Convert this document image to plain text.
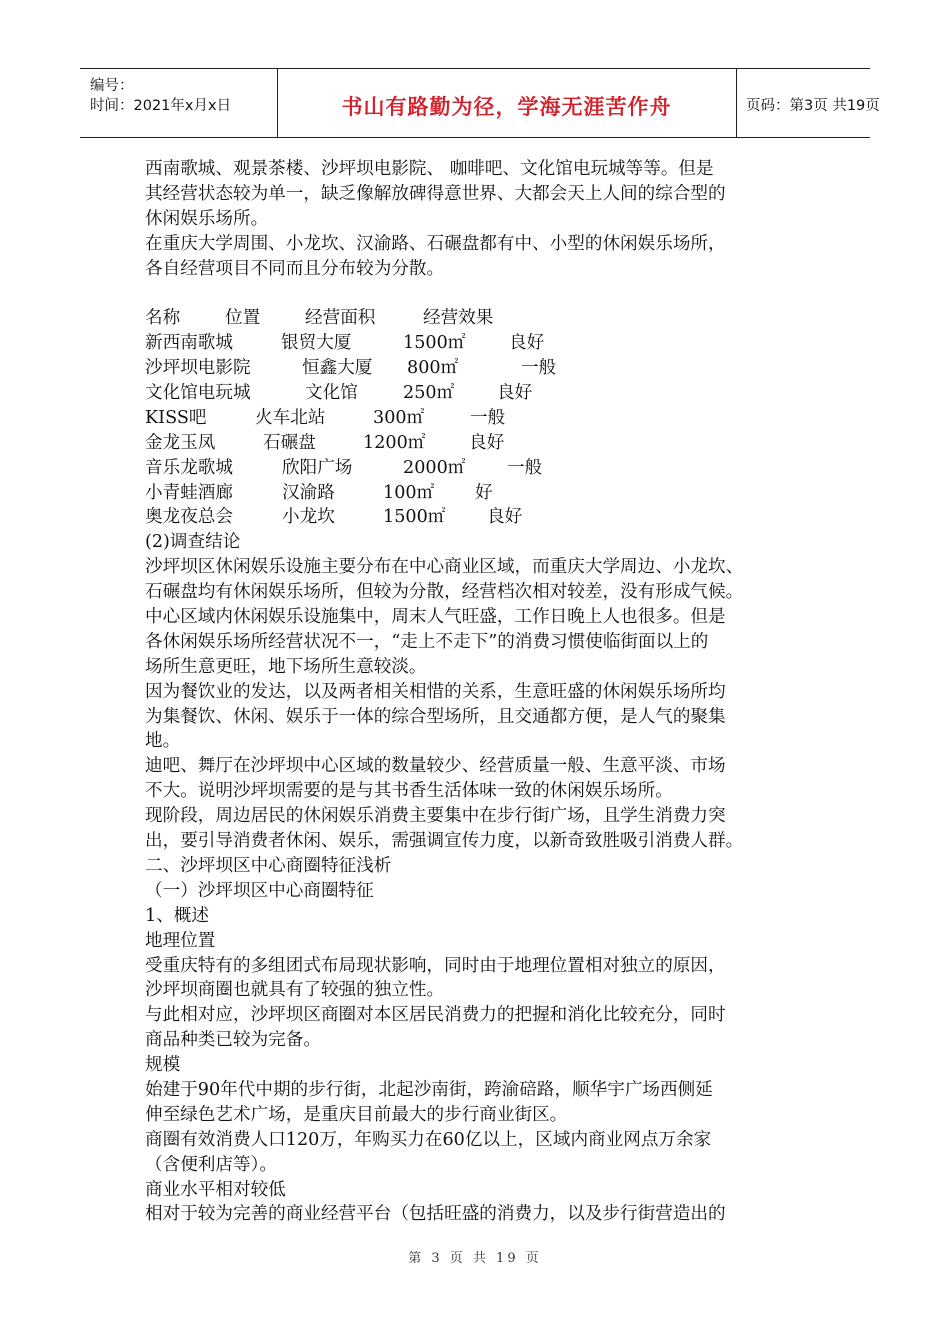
编号：
时间：2021年x月x日	书山有路勤为径，学海无涯苦作舟	页码：第3页 共19页
西南歌城、观景茶楼、沙坪坝电影院、 咖啡吧、文化馆电玩城等等。但是
其经营状态较为单一，缺乏像解放碑得意世界、大都会天上人间的综合型的
休闲娱乐场所。
在重庆大学周围、小龙坎、汉渝路、石碾盘都有中、小型的休闲娱乐场所，
各自经营项目不同而且分布较为分散。
名称	位置	经营面积	经营效果
新西南歌城	银贸大厦	1500㎡ 良好
沙坪坝电影院	恒鑫大厦 800㎡	一般
文化馆电玩城	文化馆	250㎡ 良好
KISS吧	火车北站	300㎡	一般
金龙玉凤	石碾盘	1200㎡ 良好
音乐龙歌城	欣阳广场	2000㎡ 一般
小青蛙酒廊	汉渝路	100㎡ 好
奥龙夜总会	小龙坎	1500㎡ 良好
(2)调查结论
沙坪坝区休闲娱乐设施主要分布在中心商业区域，而重庆大学周边、小龙坎、
石碾盘均有休闲娱乐场所，但较为分散，经营档次相对较差，没有形成气候。
中心区域内休闲娱乐设施集中，周末人气旺盛，工作日晚上人也很多。但是
各休闲娱乐场所经营状况不一，“走上不走下”的消费习惯使临街面以上的
场所生意更旺，地下场所生意较淡。
因为餐饮业的发达，以及两者相关相惜的关系，生意旺盛的休闲娱乐场所均
为集餐饮、休闲、娱乐于一体的综合型场所，且交通都方便，是人气的聚集
地。
迪吧、舞厅在沙坪坝中心区域的数量较少、经营质量一般、生意平淡、市场
不大。说明沙坪坝需要的是与其书香生活体味一致的休闲娱乐场所。
现阶段，周边居民的休闲娱乐消费主要集中在步行街广场，且学生消费力突
出，要引导消费者休闲、娱乐，需强调宣传力度，以新奇致胜吸引消费人群。
二、沙坪坝区中心商圈特征浅析
（一）沙坪坝区中心商圈特征
1、概述
地理位置
受重庆特有的多组团式布局现状影响，同时由于地理位置相对独立的原因，
沙坪坝商圈也就具有了较强的独立性。
与此相对应，沙坪坝区商圈对本区居民消费力的把握和消化比较充分，同时
商品种类已较为完备。
规模
始建于90年代中期的步行街，北起沙南街，跨渝碚路，顺华宇广场西侧延
伸至绿色艺术广场，是重庆目前最大的步行商业街区。
商圈有效消费人口120万，年购买力在60亿以上，区域内商业网点万余家
（含便利店等）。
商业水平相对较低
相对于较为完善的商业经营平台（包括旺盛的消费力，以及步行街营造出的
第 3 页 共 19 页
